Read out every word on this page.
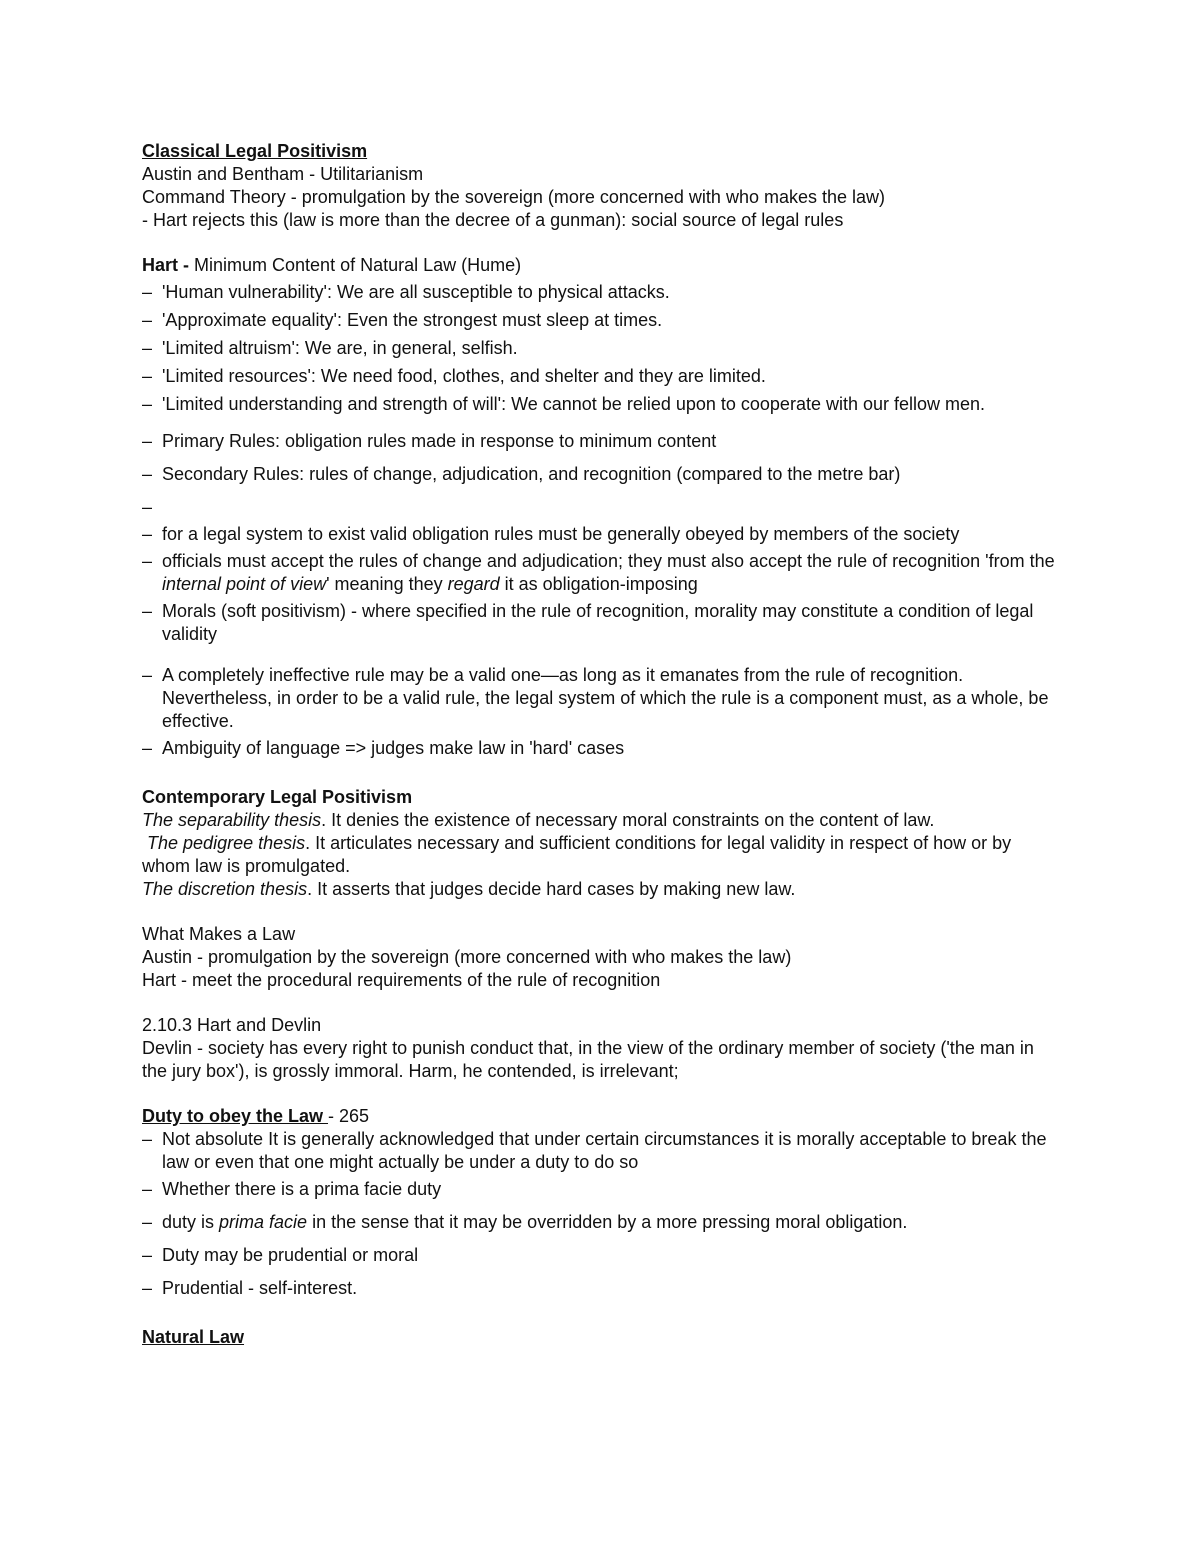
Classical Legal Positivism

Austin and Bentham - Utilitarianism

Command Theory - promulgation by the sovereign (more concerned with who makes the law)

- Hart rejects this (law is more than the decree of a gunman): social source of legal rules

Hart - Minimum Content of Natural Law (Hume)

– 'Human vulnerability': We are all susceptible to physical attacks.
– 'Approximate equality': Even the strongest must sleep at times.
– 'Limited altruism': We are, in general, selfish.
– 'Limited resources': We need food, clothes, and shelter and they are limited.
– 'Limited understanding and strength of will': We cannot be relied upon to cooperate with our fellow men.
– Primary Rules: obligation rules made in response to minimum content
– Secondary Rules: rules of change, adjudication, and recognition (compared to the metre bar)
–
– for a legal system to exist valid obligation rules must be generally obeyed by members of the society
– officials must accept the rules of change and adjudication; they must also accept the rule of recognition 'from the internal point of view' meaning they regard it as obligation-imposing
– Morals (soft positivism) - where specified in the rule of recognition, morality may constitute a condition of legal validity
– A completely ineffective rule may be a valid one—as long as it emanates from the rule of recognition. Nevertheless, in order to be a valid rule, the legal system of which the rule is a component must, as a whole, be effective.
– Ambiguity of language => judges make law in 'hard' cases

Contemporary Legal Positivism

The separability thesis. It denies the existence of necessary moral constraints on the content of law.

The pedigree thesis. It articulates necessary and sufficient conditions for legal validity in respect of how or by whom law is promulgated.

The discretion thesis. It asserts that judges decide hard cases by making new law.

What Makes a Law

Austin - promulgation by the sovereign (more concerned with who makes the law)

Hart - meet the procedural requirements of the rule of recognition

2.10.3 Hart and Devlin

Devlin - society has every right to punish conduct that, in the view of the ordinary member of society ('the man in the jury box'), is grossly immoral. Harm, he contended, is irrelevant;

Duty to obey the Law - 265

– Not absolute It is generally acknowledged that under certain circumstances it is morally acceptable to break the law or even that one might actually be under a duty to do so
– Whether there is a prima facie duty
– duty is prima facie in the sense that it may be overridden by a more pressing moral obligation.
– Duty may be prudential or moral
– Prudential - self-interest.

Natural Law
